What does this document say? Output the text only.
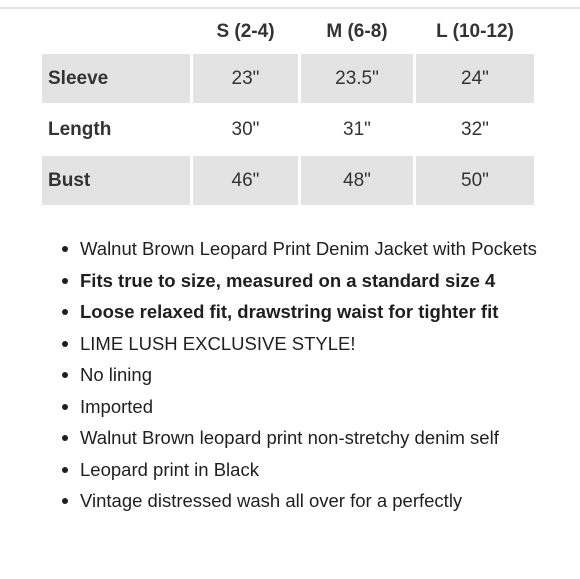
	S (2-4)	M (6-8)	L (10-12)
Sleeve	23"	23.5"	24"

Length	30"	31"	32"

Bust	46"	48"	50"
Walnut Brown Leopard Print Denim Jacket with Pockets
Fits true to size, measured on a standard size 4
Loose relaxed fit, drawstring waist for tighter fit
LIME LUSH EXCLUSIVE STYLE!
No lining
Imported
Walnut Brown leopard print non-stretchy denim self
Leopard print in Black
Vintage distressed wash all over for a perfectly
